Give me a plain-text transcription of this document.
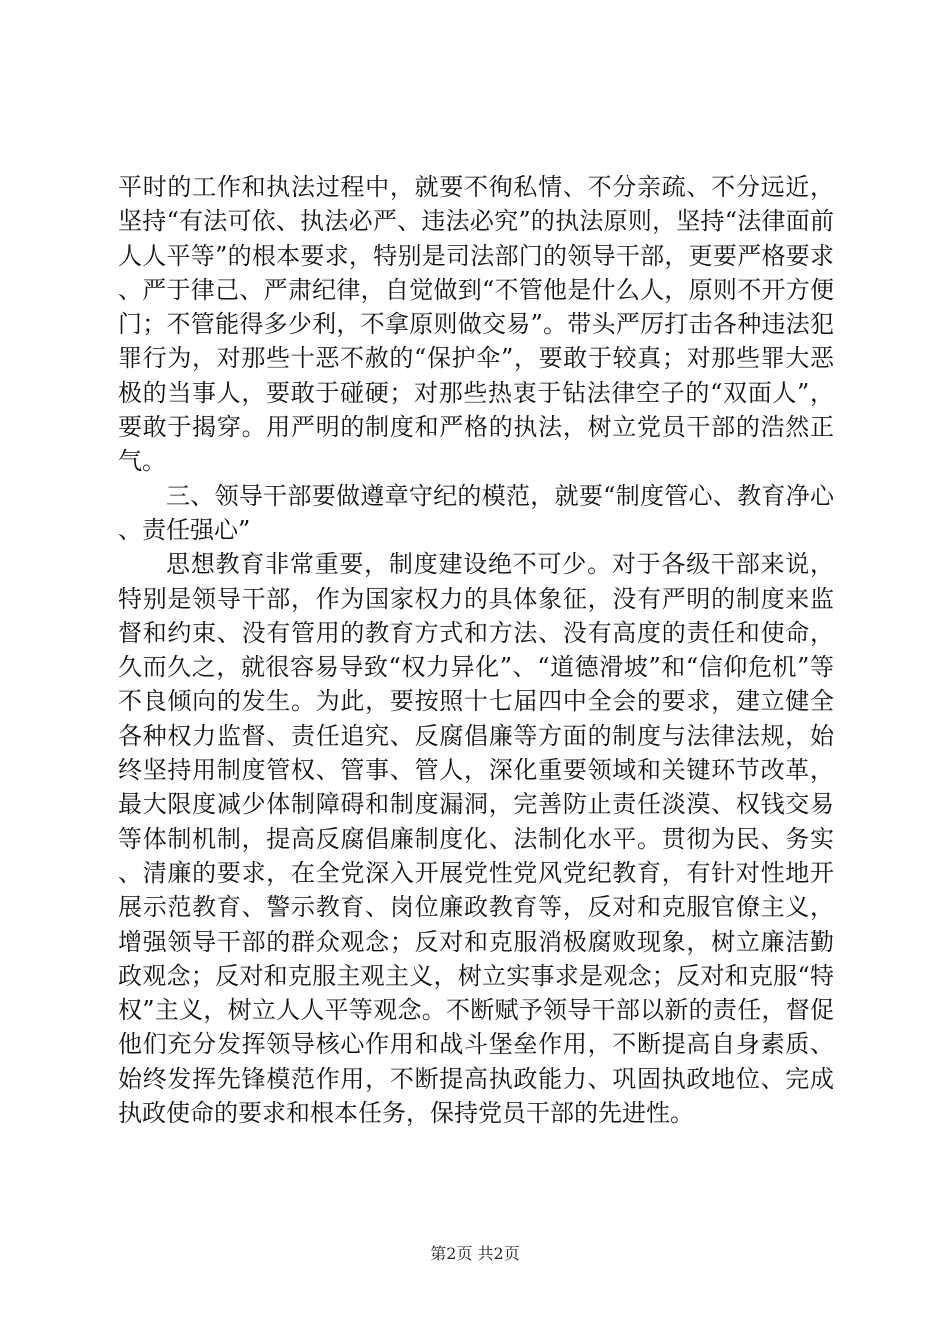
平时的工作和执法过程中，就要不徇私情、不分亲疏、不分远近，坚持“有法可依、执法必严、违法必究”的执法原则，坚持“法律面前人人平等”的根本要求，特别是司法部门的领导干部，更要严格要求、严于律己、严肃纪律，自觉做到“不管他是什么人，原则不开方便门；不管能得多少利，不拿原则做交易”。带头严厉打击各种违法犯罪行为，对那些十恶不赦的“保护伞”，要敢于较真；对那些罪大恶极的当事人，要敢于碰硬；对那些热衷于钻法律空子的“双面人”，要敢于揭穿。用严明的制度和严格的执法，树立党员干部的浩然正气。

三、领导干部要做遵章守纪的模范，就要“制度管心、教育净心、责任强心”

思想教育非常重要，制度建设绝不可少。对于各级干部来说，特别是领导干部，作为国家权力的具体象征，没有严明的制度来监督和约束、没有管用的教育方式和方法、没有高度的责任和使命，久而久之，就很容易导致“权力异化”、“道德滑坡”和“信仰危机”等不良倾向的发生。为此，要按照十七届四中全会的要求，建立健全各种权力监督、责任追究、反腐倡廉等方面的制度与法律法规，始终坚持用制度管权、管事、管人，深化重要领域和关键环节改革，最大限度减少体制障碍和制度漏洞，完善防止责任淡漠、权钱交易等体制机制，提高反腐倡廉制度化、法制化水平。贯彻为民、务实、清廉的要求，在全党深入开展党性党风党纪教育，有针对性地开展示范教育、警示教育、岗位廉政教育等，反对和克服官僚主义，增强领导干部的群众观念；反对和克服消极腐败现象，树立廉洁勤政观念；反对和克服主观主义，树立实事求是观念；反对和克服“特权”主义，树立人人平等观念。不断赋予领导干部以新的责任，督促他们充分发挥领导核心作用和战斗堡垒作用，不断提高自身素质、始终发挥先锋模范作用，不断提高执政能力、巩固执政地位、完成执政使命的要求和根本任务，保持党员干部的先进性。

第2页 共2页
